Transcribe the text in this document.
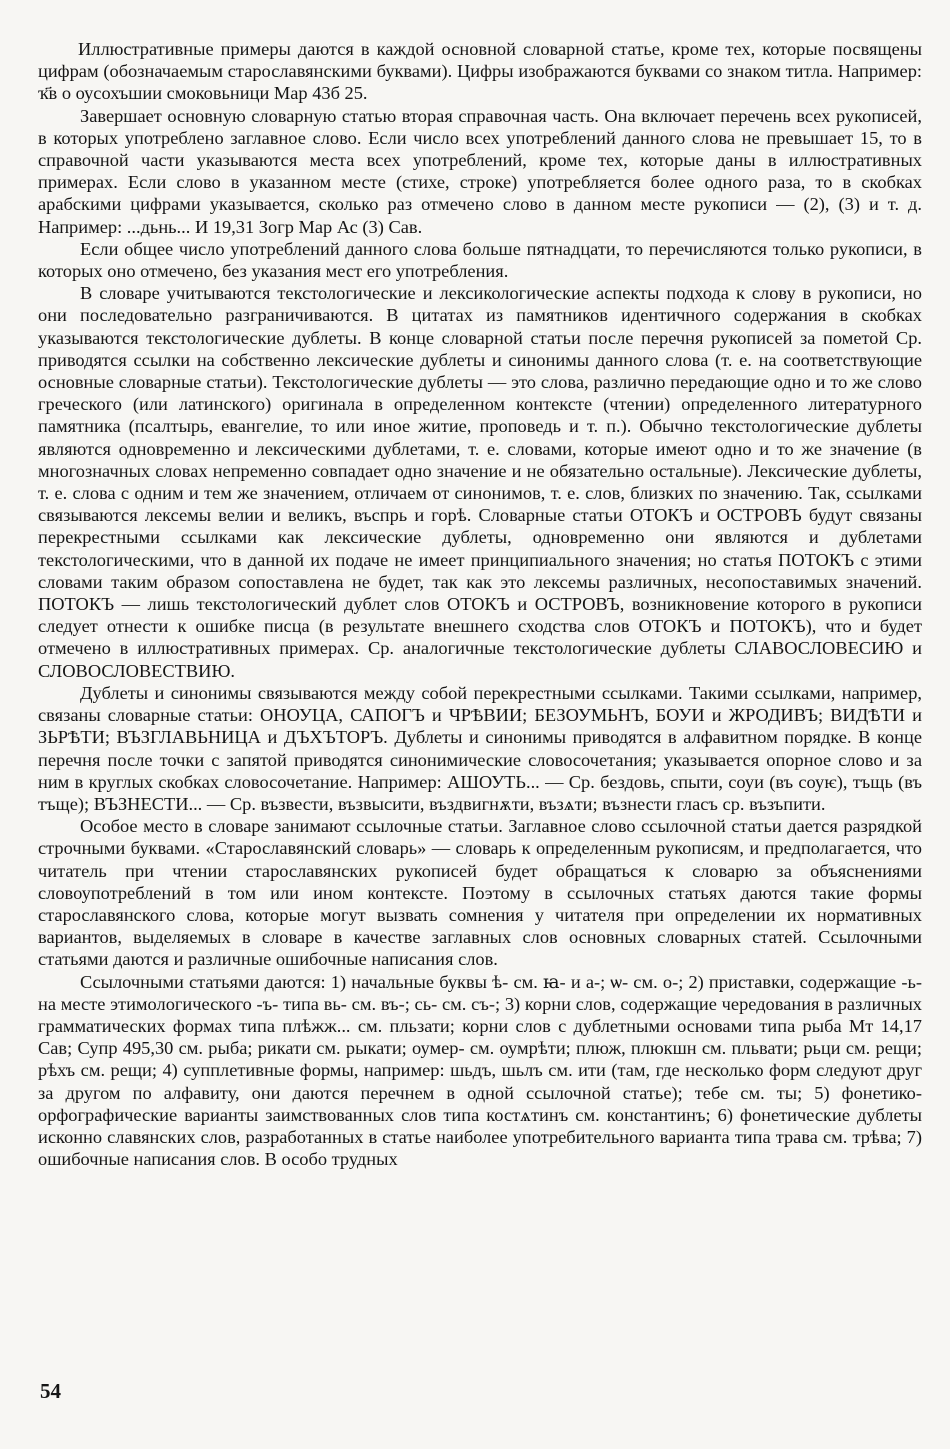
Иллюстративные примеры даются в каждой основной словарной статье, кроме тех, которые посвящены цифрам (обозначаемым старославянскими буквами). Цифры изображаются буквами со знаком титла. Например: ҡ҃в о оусохъшии смоковьници Мар 43б 25.

Завершает основную словарную статью вторая справочная часть. Она включает перечень всех рукописей, в которых употреблено заглавное слово. Если число всех употреблений данного слова не превышает 15, то в справочной части указываются места всех употреблений, кроме тех, которые даны в иллюстративных примерах. Если слово в указанном месте (стихе, строке) употребляется более одного раза, то в скобках арабскими цифрами указывается, сколько раз отмечено слово в данном месте рукописи — (2), (3) и т. д. Например: ...дьнь... И 19,31 Зогр Мар Ас (3) Сав.

Если общее число употреблений данного слова больше пятнадцати, то перечисляются только рукописи, в которых оно отмечено, без указания мест его употребления.

В словаре учитываются текстологические и лексикологические аспекты подхода к слову в рукописи, но они последовательно разграничиваются. В цитатах из памятников идентичного содержания в скобках указываются текстологические дублеты. В конце словарной статьи после перечня рукописей за пометой Ср. приводятся ссылки на собственно лексические дублеты и синонимы данного слова (т. е. на соответствующие основные словарные статьи). Текстологические дублеты — это слова, различно передающие одно и то же слово греческого (или латинского) оригинала в определенном контексте (чтении) определенного литературного памятника (псалтырь, евангелие, то или иное житие, проповедь и т. п.). Обычно текстологические дублеты являются одновременно и лексическими дублетами, т. е. словами, которые имеют одно и то же значение (в многозначных словах непременно совпадает одно значение и не обязательно остальные). Лексические дублеты, т. е. слова с одним и тем же значением, отличаем от синонимов, т. е. слов, близких по значению. Так, ссылками связываются лексемы велии и великъ, въспрь и горѣ. Словарные статьи ОТОКЪ и ОСТРОВЪ будут связаны перекрестными ссылками как лексические дублеты, одновременно они являются и дублетами текстологическими, что в данной их подаче не имеет принципиального значения; но статья ПОТОКЪ с этими словами таким образом сопоставлена не будет, так как это лексемы различных, несопоставимых значений. ПОТОКЪ — лишь текстологический дублет слов ОТОКЪ и ОСТРОВЪ, возникновение которого в рукописи следует отнести к ошибке писца (в результате внешнего сходства слов ОТОКЪ и ПОТОКЪ), что и будет отмечено в иллюстративных примерах. Ср. аналогичные текстологические дублеты СЛАВОСЛОВЕСИЮ и СЛОВОСЛОВЕСТВИЮ.

Дублеты и синонимы связываются между собой перекрестными ссылками. Такими ссылками, например, связаны словарные статьи: ОНОУЦА, САПОГЪ и ЧРѢВИИ; БЕЗОУМЬНЪ, БОУИ и ЖРОДИВЪ; ВИДѢТИ и ЗЬРѢТИ; ВЪЗГЛАВЬНИЦА и ДЪХЪТОРЪ. Дублеты и синонимы приводятся в алфавитном порядке. В конце перечня после точки с запятой приводятся синонимические словосочетания; указывается опорное слово и за ним в круглых скобках словосочетание. Например: АШОУТЬ... — Ср. бездовь, спыти, соуи (въ соуѥ), тъщь (въ тъще); ВЪЗНЕСТИ... — Ср. възвести, възвысити, въздвигнѫти, възѧти; възнести гласъ ср. възъпити.

Особое место в словаре занимают ссылочные статьи. Заглавное слово ссылочной статьи дается разрядкой строчными буквами. «Старославянский словарь» — словарь к определенным рукописям, и предполагается, что читатель при чтении старославянских рукописей будет обращаться к словарю за объяснениями словоупотреблений в том или ином контексте. Поэтому в ссылочных статьях даются такие формы старославянского слова, которые могут вызвать сомнения у читателя при определении их нормативных вариантов, выделяемых в словаре в качестве заглавных слов основных словарных статей. Ссылочными статьями даются и различные ошибочные написания слов.

Ссылочными статьями даются: 1) начальные буквы ѣ- см. ꙗ- и а-; ѡ- см. о-; 2) приставки, содержащие -ь- на месте этимологического -ъ- типа вь- см. въ-; сь- см. съ-; 3) корни слов, содержащие чередования в различных грамматических формах типа плѣжж... см. пльзати; корни слов с дублетными основами типа рыба Мт 14,17 Сав; Супр 495,30 см. рыба; рикати см. рыкати; оумер- см. оумрѣти; плюж, плюкшн см. пльвати; рьци см. рещи; рѣхъ см. рещи; 4) супплетивные формы, например: шьдъ, шьлъ см. ити (там, где несколько форм следуют друг за другом по алфавиту, они даются перечнем в одной ссылочной статье); тебе см. ты; 5) фонетико-орфографические варианты заимствованных слов типа костѧтинъ см. константинъ; 6) фонетические дублеты исконно славянских слов, разработанных в статье наиболее употребительного варианта типа трава см. трѣва; 7) ошибочные написания слов. В особо трудных

54
